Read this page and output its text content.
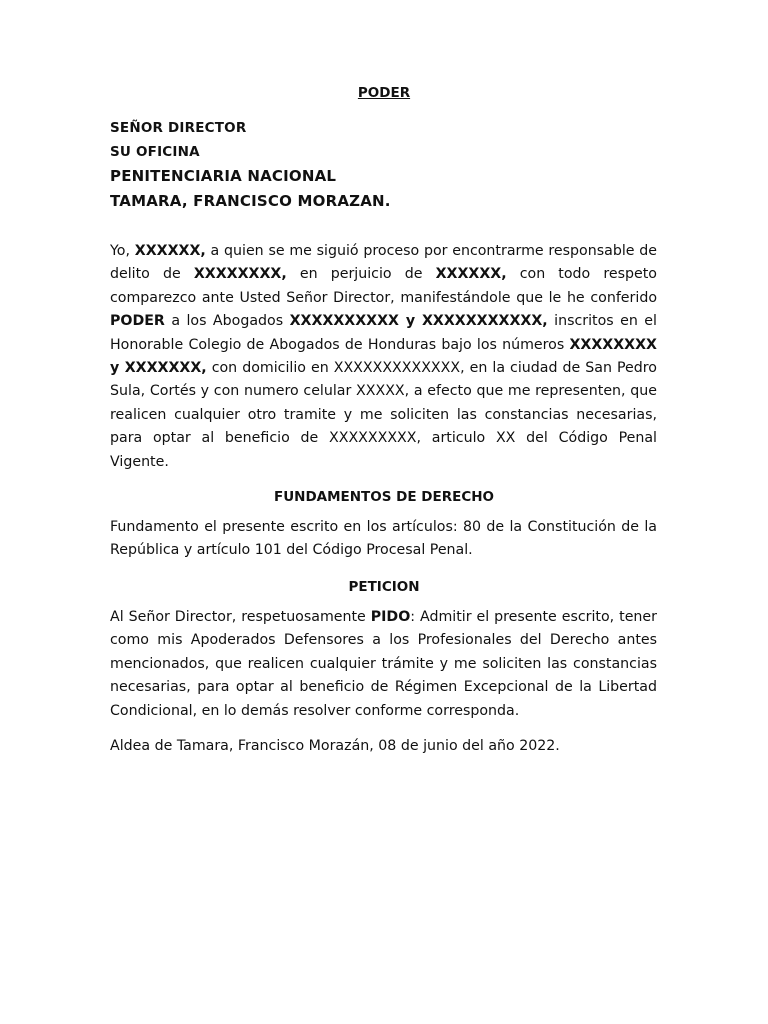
PODER
SEÑOR DIRECTOR
SU OFICINA
PENITENCIARIA NACIONAL
TAMARA, FRANCISCO MORAZAN.

Yo, XXXXXX, a quien se me siguió proceso por encontrarme responsable de delito de XXXXXXXX, en perjuicio de XXXXXX, con todo respeto comparezco ante Usted Señor Director, manifestándole que le he conferido PODER a los Abogados XXXXXXXXXX y XXXXXXXXXXX, inscritos en el Honorable Colegio de Abogados de Honduras bajo los números XXXXXXXX y XXXXXXX, con domicilio en XXXXXXXXXXXXX, en la ciudad de San Pedro Sula, Cortés y con numero celular XXXXX, a efecto que me representen, que realicen cualquier otro tramite y me soliciten las constancias necesarias, para optar al beneficio de XXXXXXXXX, articulo XX del Código Penal Vigente.

FUNDAMENTOS DE DERECHO

Fundamento el presente escrito en los artículos: 80 de la Constitución de la República y artículo 101 del Código Procesal Penal.

PETICION

Al Señor Director, respetuosamente PIDO: Admitir el presente escrito, tener como mis Apoderados Defensores a los Profesionales del Derecho antes mencionados, que realicen cualquier trámite y me soliciten las constancias necesarias, para optar al beneficio de Régimen Excepcional de la Libertad Condicional, en lo demás resolver conforme corresponda.

Aldea de Tamara, Francisco Morazán, 08 de junio del año 2022.
